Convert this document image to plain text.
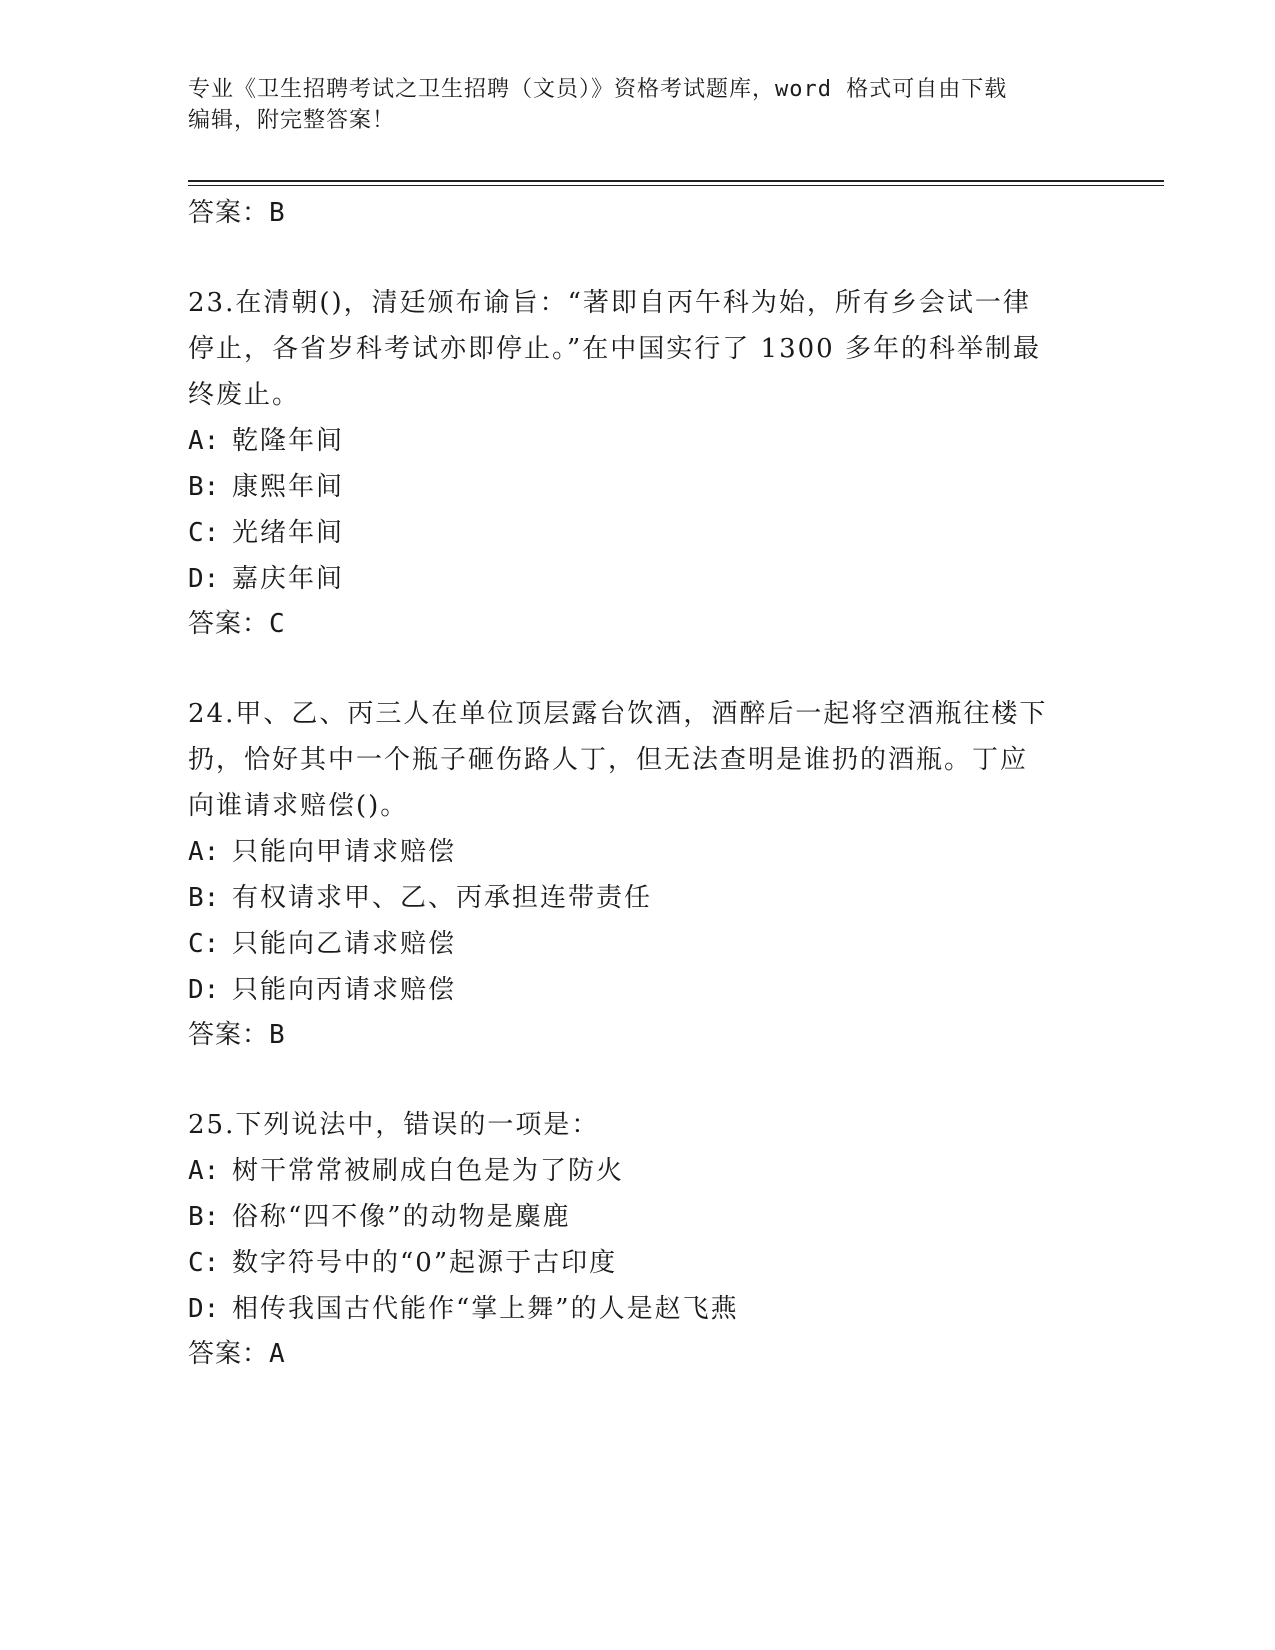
专业《卫生招聘考试之卫生招聘（文员）》资格考试题库，word 格式可自由下载
编辑，附完整答案！
答案：B
23.在清朝()，清廷颁布谕旨：“著即自丙午科为始，所有乡会试一律
停止，各省岁科考试亦即停止。”在中国实行了 1300 多年的科举制最
终废止。
A: 乾隆年间
B: 康熙年间
C: 光绪年间
D: 嘉庆年间
答案：C
24.甲、乙、丙三人在单位顶层露台饮酒，酒醉后一起将空酒瓶往楼下
扔，恰好其中一个瓶子砸伤路人丁，但无法查明是谁扔的酒瓶。丁应
向谁请求赔偿()。
A: 只能向甲请求赔偿
B: 有权请求甲、乙、丙承担连带责任
C: 只能向乙请求赔偿
D: 只能向丙请求赔偿
答案：B
25.下列说法中，错误的一项是：
A: 树干常常被刷成白色是为了防火
B: 俗称“四不像”的动物是麋鹿
C: 数字符号中的“0”起源于古印度
D: 相传我国古代能作“掌上舞”的人是赵飞燕
答案：A
